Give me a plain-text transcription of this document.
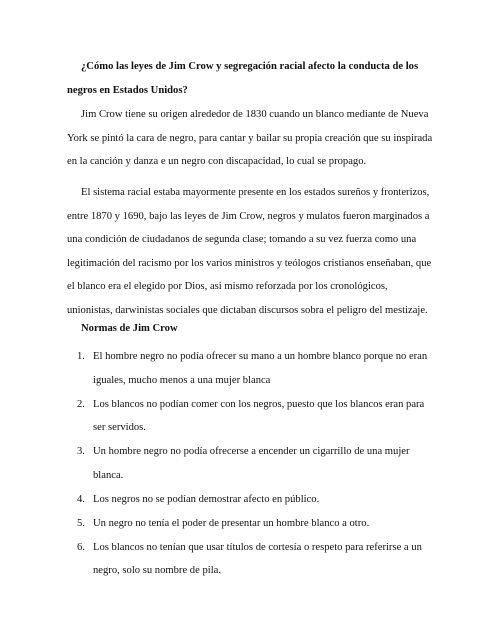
¿Cómo las leyes de Jim Crow y segregación racial afecto la conducta de los negros en Estados Unidos?

Jim Crow tiene su origen alrededor de 1830 cuando un blanco mediante de Nueva York se pintó la cara de negro, para cantar y bailar su propia creación que su inspirada en la canción y danza e un negro con discapacidad, lo cual se propago.

El sistema racial estaba mayormente presente en los estados sureños y fronterizos, entre 1870 y 1690, bajo las leyes de Jim Crow, negros y mulatos fueron marginados a una condición de ciudadanos de segunda clase; tomando a su vez fuerza como una legitimación del racismo por los varios ministros y teólogos cristianos enseñaban, que el blanco era el elegido por Dios, asi mismo reforzada por los cronológicos, unionistas, darwinistas sociales que dictaban discursos sobra el peligro del mestizaje.

Normas de Jim Crow

1. El hombre negro no podía ofrecer su mano a un hombre blanco porque no eran iguales, mucho menos a una mujer blanca
2. Los blancos no podían comer con los negros, puesto que los blancos eran para ser servidos.
3. Un hombre negro no podía ofrecerse a encender un cigarrillo de una mujer blanca.
4. Los negros no se podían demostrar afecto en público.
5. Un negro no tenía el poder de presentar un hombre blanco a otro.
6. Los blancos no tenían que usar títulos de cortesía o respeto para referirse a un negro, solo su nombre de pila.
